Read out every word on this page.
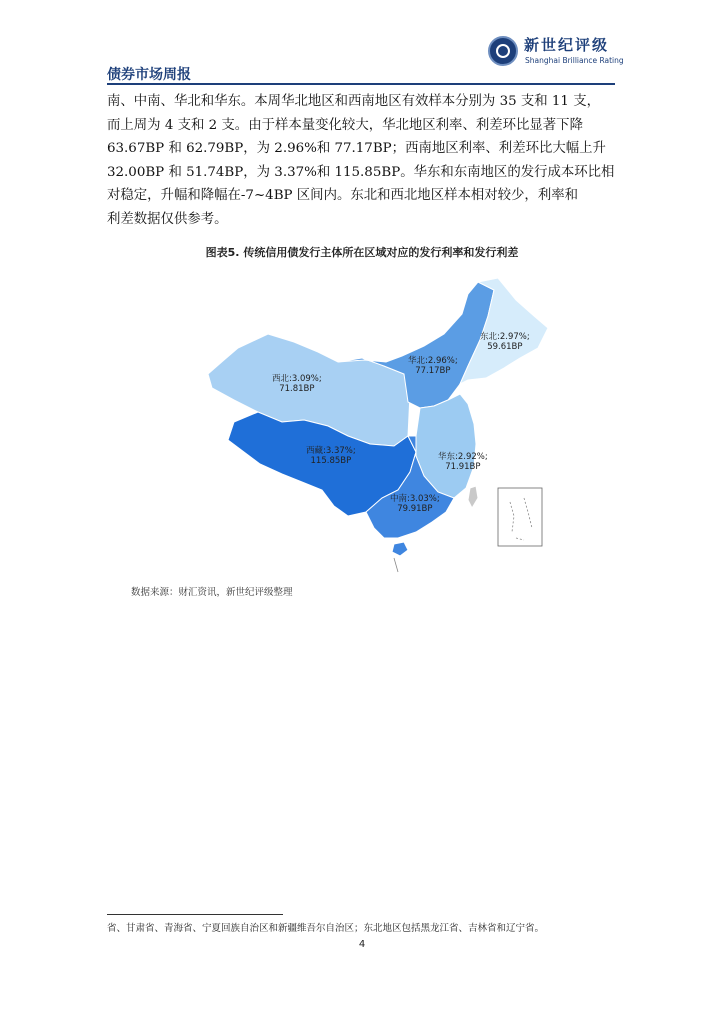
新世纪评级
Shanghai Brilliance Rating
债券市场周报

南、中南、华北和华东。本周华北地区和西南地区有效样本分别为 35 支和 11 支，

而上周为 4 支和 2 支。由于样本量变化较大，华北地区利率、利差环比显著下降

63.67BP 和 62.79BP，为 2.96%和 77.17BP；西南地区利率、利差环比大幅上升

32.00BP 和 51.74BP，为 3.37%和 115.85BP。华东和东南地区的发行成本环比相

对稳定，升幅和降幅在-7~4BP 区间内。东北和西北地区样本相对较少，利率和

利差数据仅供参考。

图表5. 传统信用债发行主体所在区域对应的发行利率和发行利差
东北:2.97%;
59.61BP
华北:2.96%;
77.17BP
西北:3.09%;
71.81BP
西藏:3.37%;
115.85BP	华东:2.92%;
71.91BP
中南:3.03%;
79.91BP
数据来源：财汇资讯，新世纪评级整理
省、甘肃省、青海省、宁夏回族自治区和新疆维吾尔自治区；东北地区包括黑龙江省、吉林省和辽宁省。
4
